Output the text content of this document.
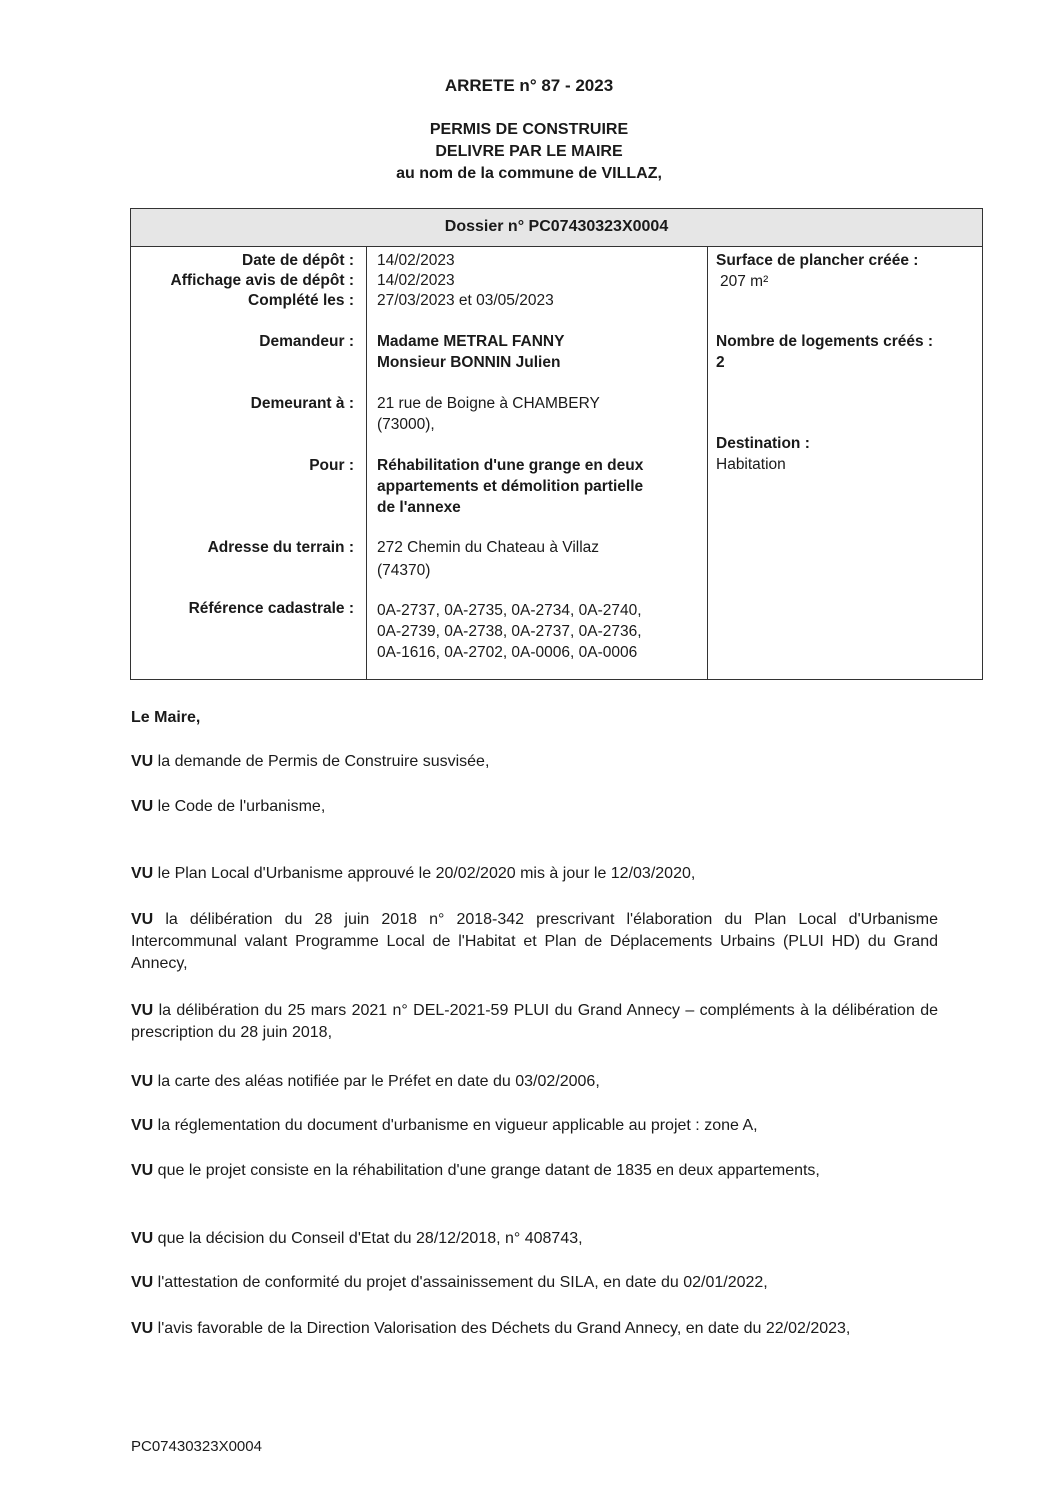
ARRETE n° 87 - 2023
PERMIS DE CONSTRUIRE
DELIVRE PAR LE MAIRE
au nom de la commune de VILLAZ,
Dossier n° PC07430323X0004
Date de dépôt :
Affichage avis de dépôt :
Complété les :
Demandeur :
Demeurant à :
Pour :
Adresse du terrain :
Référence cadastrale :
14/02/2023
14/02/2023
27/03/2023 et 03/05/2023
Madame METRAL FANNY
Monsieur BONNIN Julien
21 rue de Boigne à CHAMBERY
(73000),
Réhabilitation d'une grange en deux
appartements et démolition partielle
de l'annexe
272 Chemin du Chateau à Villaz
(74370)
0A-2737, 0A-2735, 0A-2734, 0A-2740,
0A-2739, 0A-2738, 0A-2737, 0A-2736,
0A-1616, 0A-2702, 0A-0006, 0A-0006
Surface de plancher créée :
207 m²
Nombre de logements créés :
2
Destination :
Habitation
Le Maire,
VU la demande de Permis de Construire susvisée,
VU le Code de l'urbanisme,
VU le Plan Local d'Urbanisme approuvé le 20/02/2020 mis à jour le 12/03/2020,
VU la délibération du 28 juin 2018 n° 2018-342 prescrivant l'élaboration du Plan Local d'Urbanisme Intercommunal valant Programme Local de l'Habitat et Plan de Déplacements Urbains (PLUI HD) du Grand Annecy,
VU la délibération du 25 mars 2021 n° DEL-2021-59 PLUI du Grand Annecy – compléments à la délibération de prescription du 28 juin 2018,
VU la carte des aléas notifiée par le Préfet en date du 03/02/2006,
VU la réglementation du document d'urbanisme en vigueur applicable au projet : zone A,
VU que le projet consiste en la réhabilitation d'une grange datant de 1835 en deux appartements,
VU que la décision du Conseil d'Etat du 28/12/2018, n° 408743,
VU l'attestation de conformité du projet d'assainissement du SILA, en date du 02/01/2022,
VU l'avis favorable de la Direction Valorisation des Déchets du Grand Annecy, en date du 22/02/2023,
PC07430323X0004
